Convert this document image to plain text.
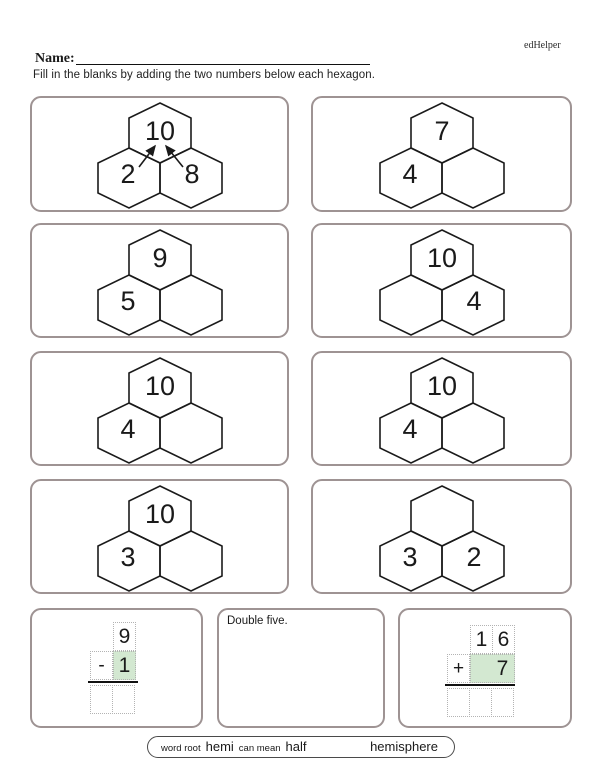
edHelper
Name:
Fill in the blanks by adding the two numbers below each hexagon.
10
2 8
7
4
9
5
10
4
10
4
10
4
10
3	3 2
9
- 1
Double five.
1 6
+ 7
word root hemi can mean half	hemisphere
